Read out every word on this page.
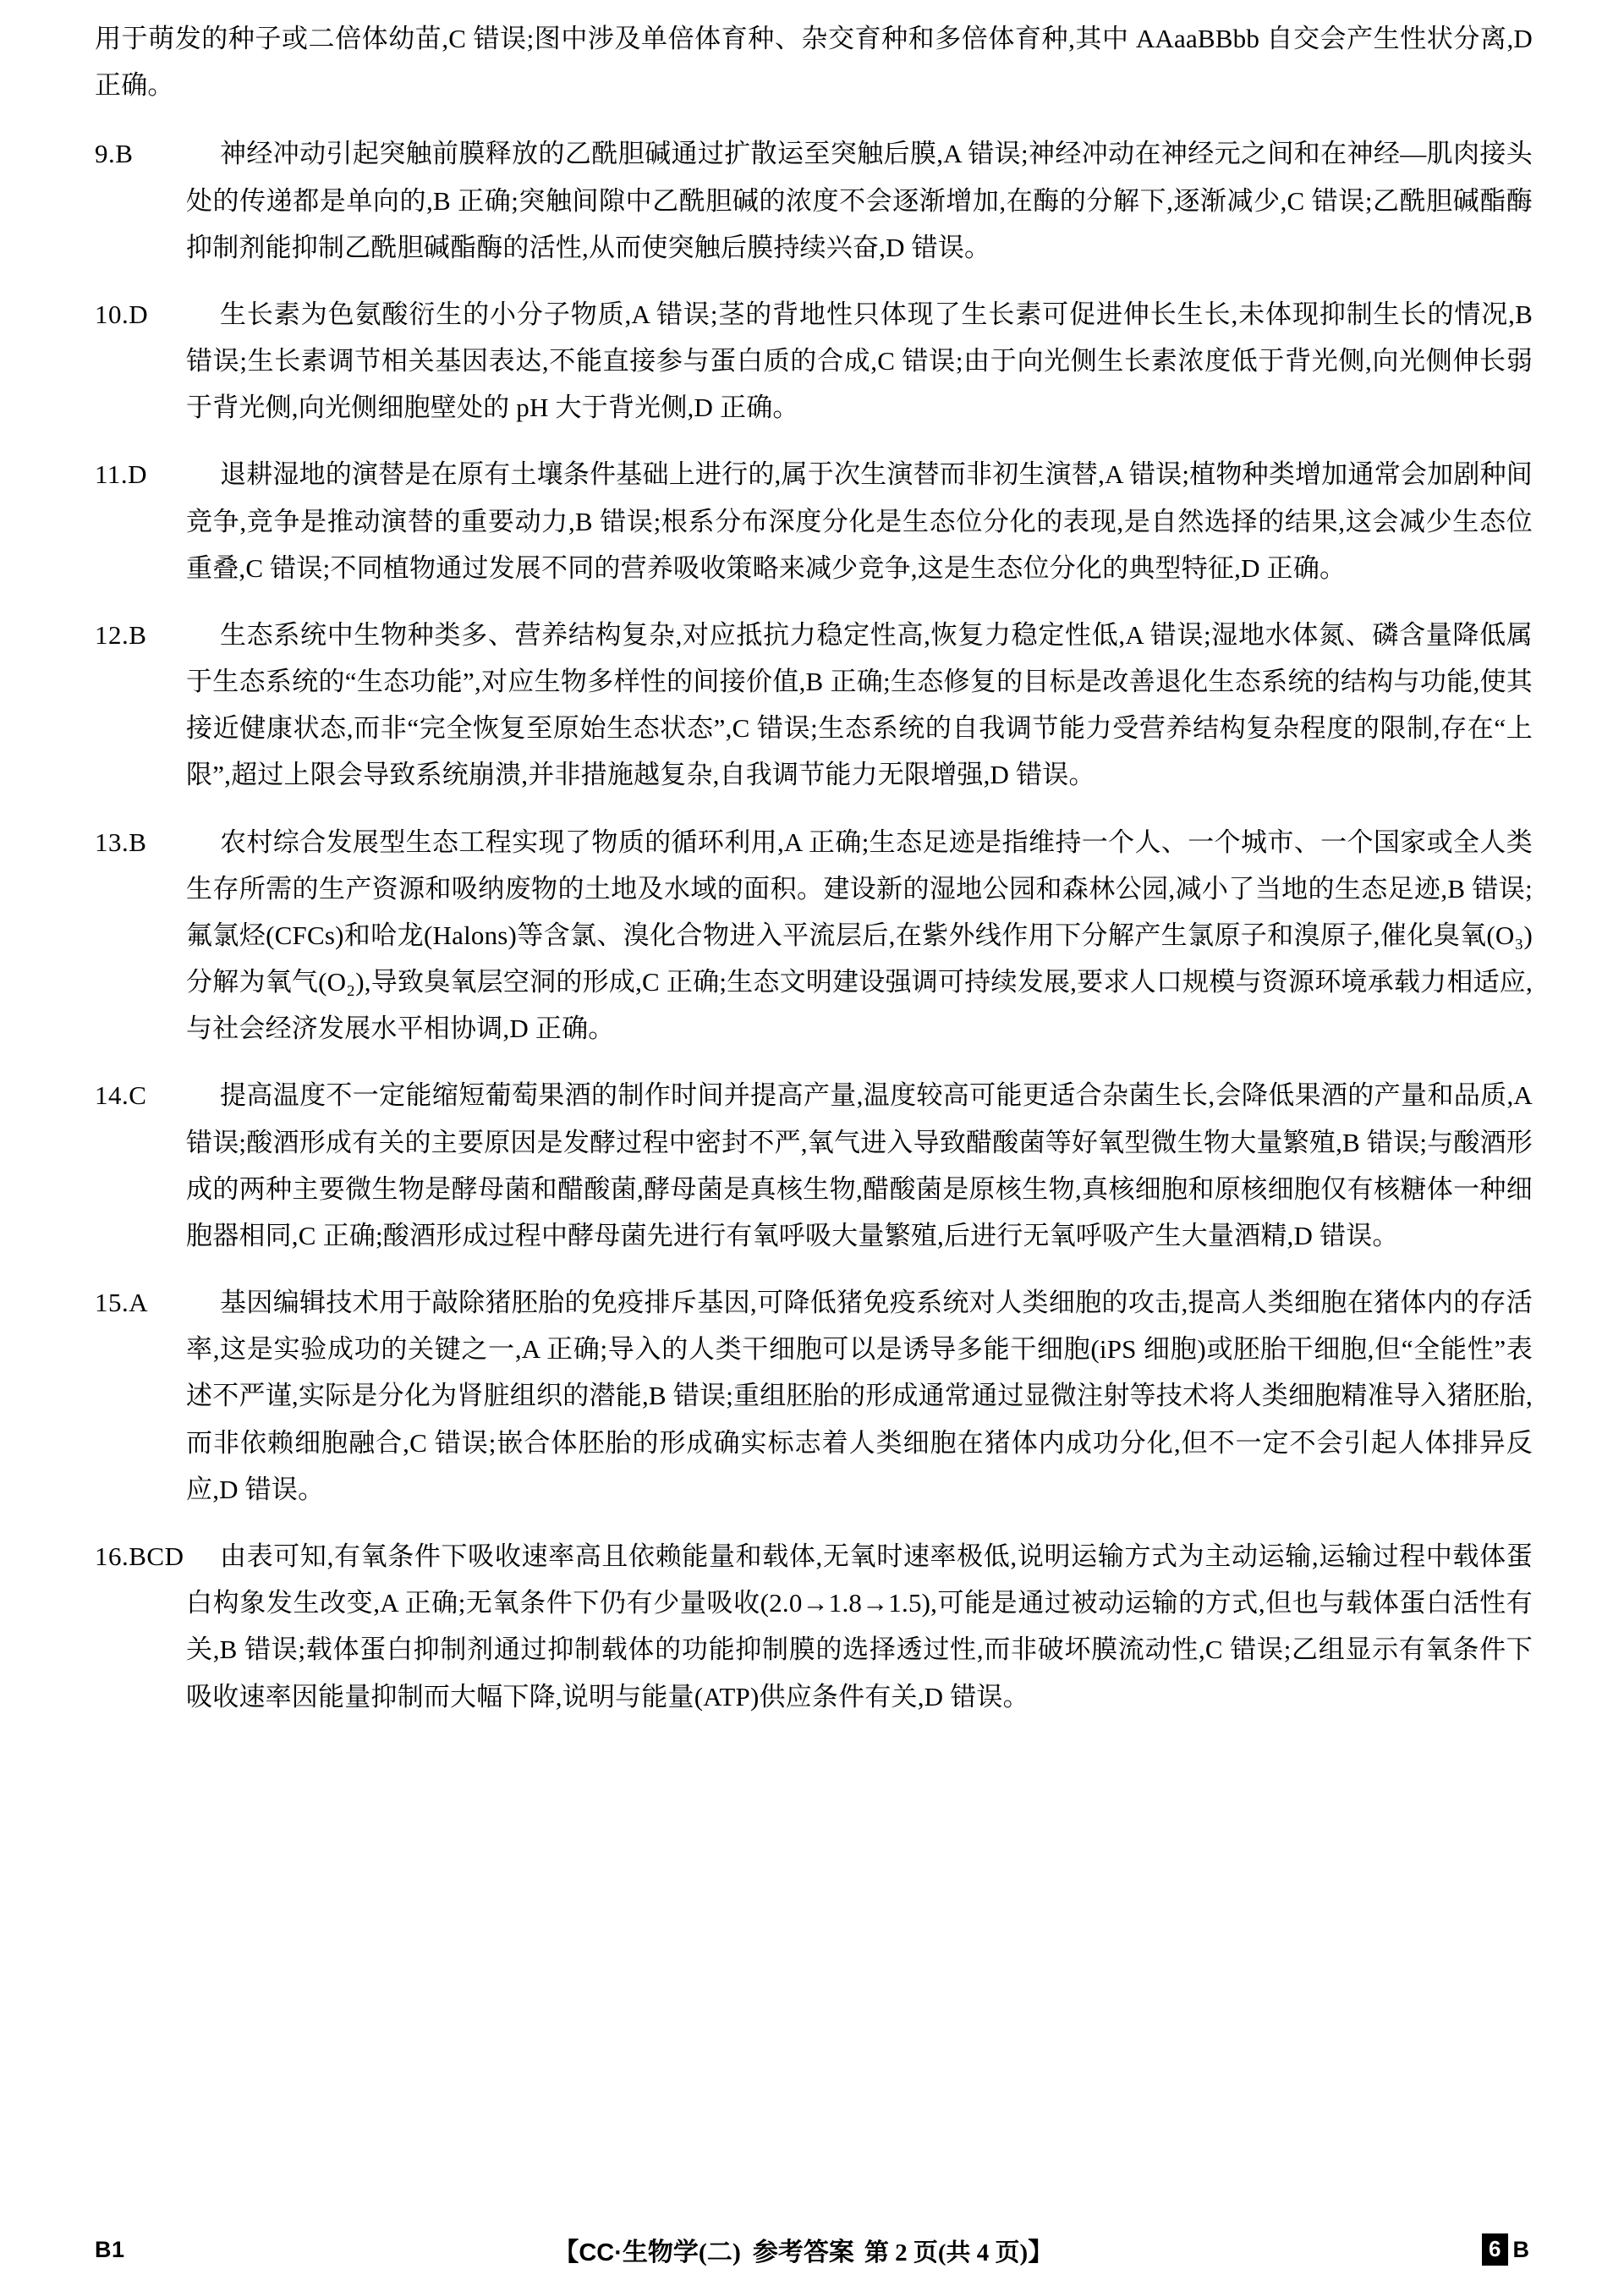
用于萌发的种子或二倍体幼苗,C 错误;图中涉及单倍体育种、杂交育种和多倍体育种,其中 AAaaBBbb 自交会产生性状分离,D 正确。

9.B	神经冲动引起突触前膜释放的乙酰胆碱通过扩散运至突触后膜,A 错误;神经冲动在神经元之间和在神经—肌肉接头处的传递都是单向的,B 正确;突触间隙中乙酰胆碱的浓度不会逐渐增加,在酶的分解下,逐渐减少,C 错误;乙酰胆碱酯酶抑制剂能抑制乙酰胆碱酯酶的活性,从而使突触后膜持续兴奋,D 错误。
10.D	生长素为色氨酸衍生的小分子物质,A 错误;茎的背地性只体现了生长素可促进伸长生长,未体现抑制生长的情况,B 错误;生长素调节相关基因表达,不能直接参与蛋白质的合成,C 错误;由于向光侧生长素浓度低于背光侧,向光侧伸长弱于背光侧,向光侧细胞壁处的 pH 大于背光侧,D 正确。
11.D	退耕湿地的演替是在原有土壤条件基础上进行的,属于次生演替而非初生演替,A 错误;植物种类增加通常会加剧种间竞争,竞争是推动演替的重要动力,B 错误;根系分布深度分化是生态位分化的表现,是自然选择的结果,这会减少生态位重叠,C 错误;不同植物通过发展不同的营养吸收策略来减少竞争,这是生态位分化的典型特征,D 正确。
12.B	生态系统中生物种类多、营养结构复杂,对应抵抗力稳定性高,恢复力稳定性低,A 错误;湿地水体氮、磷含量降低属于生态系统的“生态功能”,对应生物多样性的间接价值,B 正确;生态修复的目标是改善退化生态系统的结构与功能,使其接近健康状态,而非“完全恢复至原始生态状态”,C 错误;生态系统的自我调节能力受营养结构复杂程度的限制,存在“上限”,超过上限会导致系统崩溃,并非措施越复杂,自我调节能力无限增强,D 错误。
13.B	农村综合发展型生态工程实现了物质的循环利用,A 正确;生态足迹是指维持一个人、一个城市、一个国家或全人类生存所需的生产资源和吸纳废物的土地及水域的面积。建设新的湿地公园和森林公园,减小了当地的生态足迹,B 错误;氟氯烃(CFCs)和哈龙(Halons)等含氯、溴化合物进入平流层后,在紫外线作用下分解产生氯原子和溴原子,催化臭氧(O₃)分解为氧气(O₂),导致臭氧层空洞的形成,C 正确;生态文明建设强调可持续发展,要求人口规模与资源环境承载力相适应,与社会经济发展水平相协调,D 正确。
14.C	提高温度不一定能缩短葡萄果酒的制作时间并提高产量,温度较高可能更适合杂菌生长,会降低果酒的产量和品质,A 错误;酸酒形成有关的主要原因是发酵过程中密封不严,氧气进入导致醋酸菌等好氧型微生物大量繁殖,B 错误;与酸酒形成的两种主要微生物是酵母菌和醋酸菌,酵母菌是真核生物,醋酸菌是原核生物,真核细胞和原核细胞仅有核糖体一种细胞器相同,C 正确;酸酒形成过程中酵母菌先进行有氧呼吸大量繁殖,后进行无氧呼吸产生大量酒精,D 错误。
15.A	基因编辑技术用于敲除猪胚胎的免疫排斥基因,可降低猪免疫系统对人类细胞的攻击,提高人类细胞在猪体内的存活率,这是实验成功的关键之一,A 正确;导入的人类干细胞可以是诱导多能干细胞(iPS 细胞)或胚胎干细胞,但“全能性”表述不严谨,实际是分化为肾脏组织的潜能,B 错误;重组胚胎的形成通常通过显微注射等技术将人类细胞精准导入猪胚胎,而非依赖细胞融合,C 错误;嵌合体胚胎的形成确实标志着人类细胞在猪体内成功分化,但不一定不会引起人体排异反应,D 错误。
16.BCD	由表可知,有氧条件下吸收速率高且依赖能量和载体,无氧时速率极低,说明运输方式为主动运输,运输过程中载体蛋白构象发生改变,A 正确;无氧条件下仍有少量吸收(2.0→1.8→1.5),可能是通过被动运输的方式,但也与载体蛋白活性有关,B 错误;载体蛋白抑制剂通过抑制载体的功能抑制膜的选择透过性,而非破坏膜流动性,C 错误;乙组显示有氧条件下吸收速率因能量抑制而大幅下降,说明与能量(ATP)供应条件有关,D 错误。
B1	【 CC· 生物学(二) 参考答案 第 2 页(共 4 页) 】	6 B
